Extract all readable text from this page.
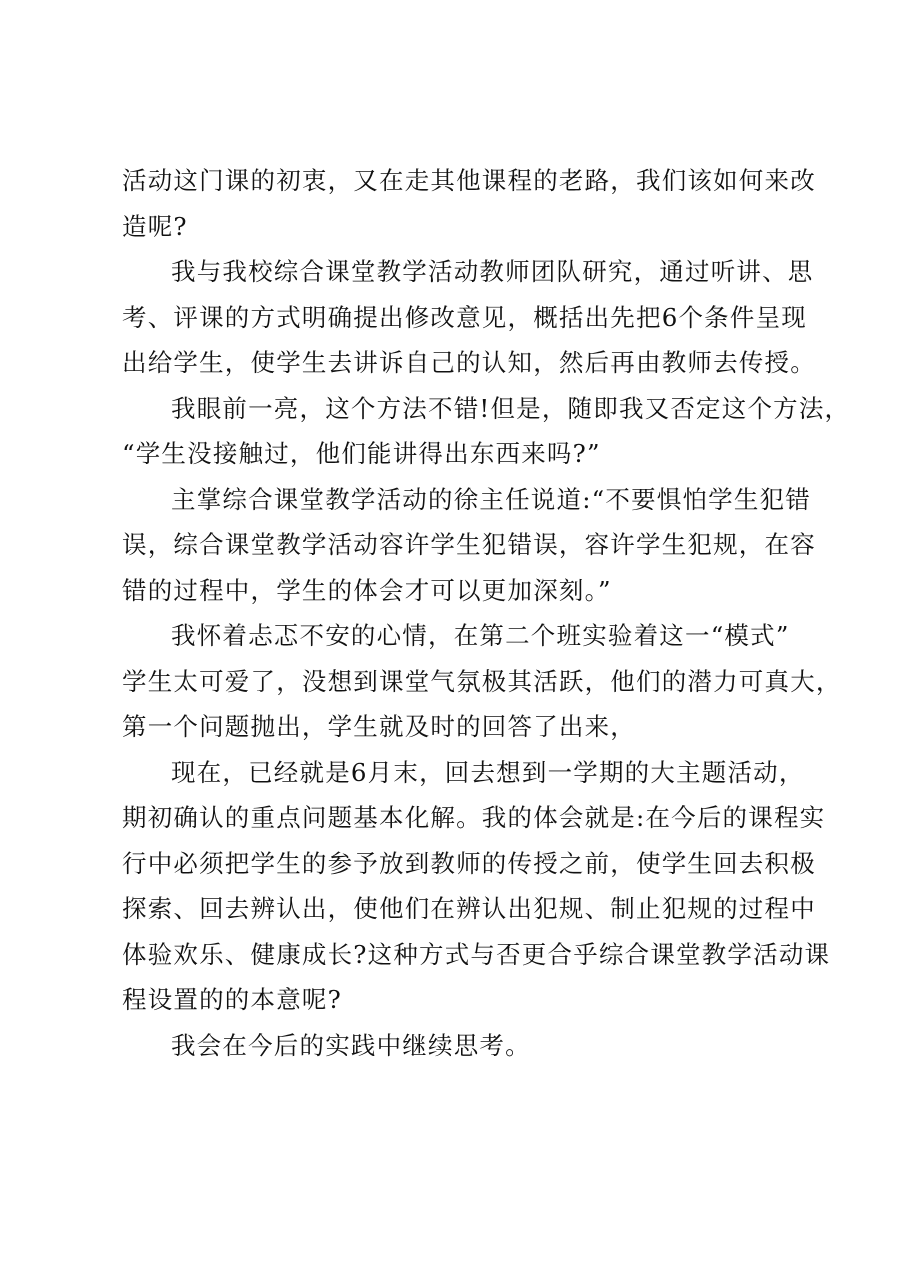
活动这门课的初衷，又在走其他课程的老路，我们该如何来改
造呢?
我与我校综合课堂教学活动教师团队研究，通过听讲、思
考、评课的方式明确提出修改意见，概括出先把6个条件呈现
出给学生，使学生去讲诉自己的认知，然后再由教师去传授。
我眼前一亮，这个方法不错!但是，随即我又否定这个方法，
“学生没接触过，他们能讲得出东西来吗?”
主掌综合课堂教学活动的徐主任说道:“不要惧怕学生犯错
误，综合课堂教学活动容许学生犯错误，容许学生犯规，在容
错的过程中，学生的体会才可以更加深刻。”
我怀着忐忑不安的心情，在第二个班实验着这一“模式”
学生太可爱了，没想到课堂气氛极其活跃，他们的潜力可真大，
第一个问题抛出，学生就及时的回答了出来，
现在，已经就是6月末，回去想到一学期的大主题活动，
期初确认的重点问题基本化解。我的体会就是:在今后的课程实
行中必须把学生的参予放到教师的传授之前，使学生回去积极
探索、回去辨认出，使他们在辨认出犯规、制止犯规的过程中
体验欢乐、健康成长?这种方式与否更合乎综合课堂教学活动课
程设置的的本意呢?
我会在今后的实践中继续思考。
